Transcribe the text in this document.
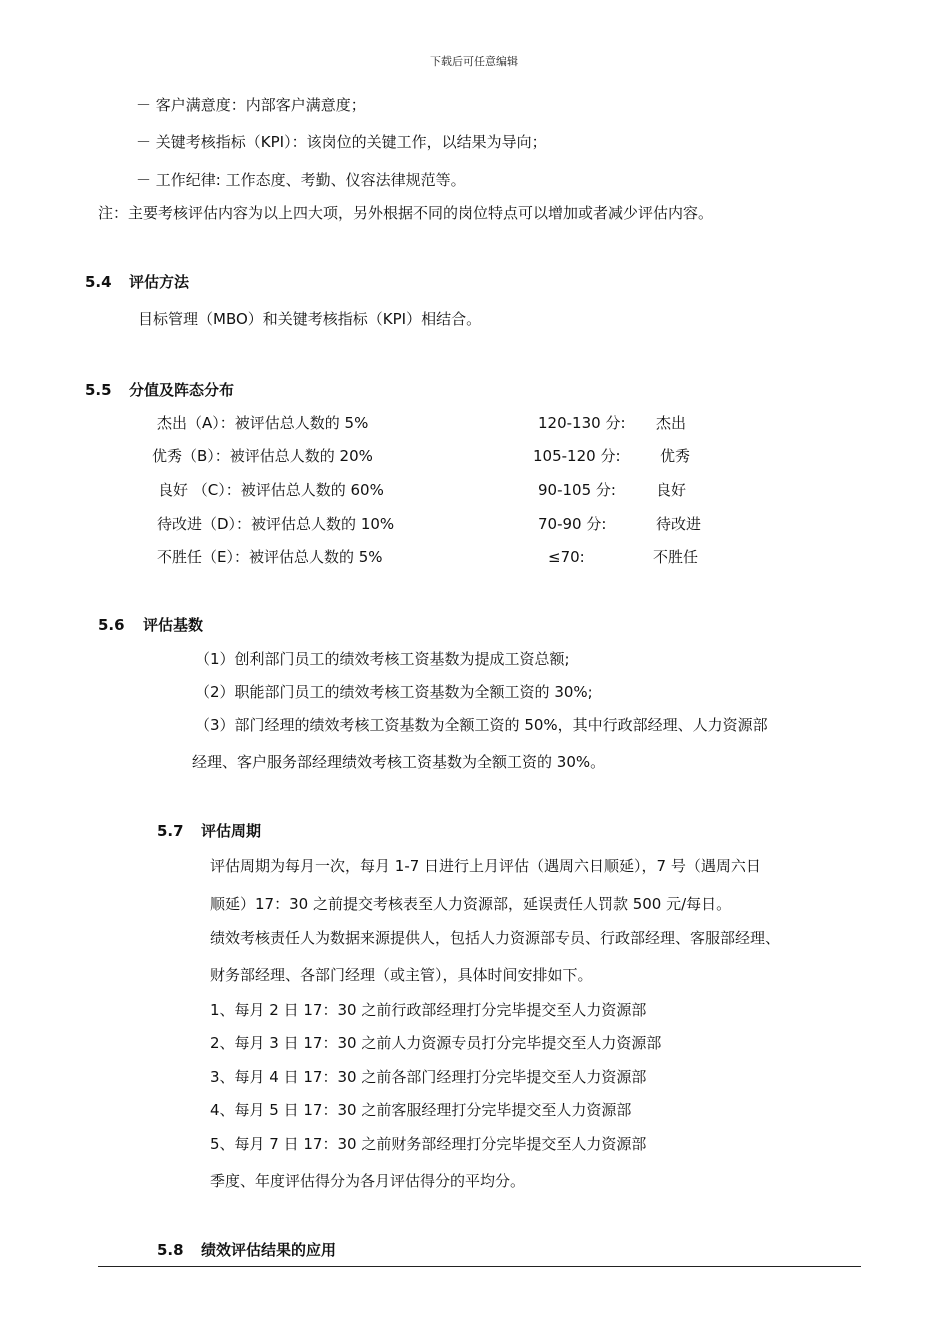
下载后可任意编辑
－ 客户满意度：内部客户满意度；
－ 关键考核指标（KPI）：该岗位的关键工作，以结果为导向；
－ 工作纪律: 工作态度、考勤、仪容法律规范等。
注：主要考核评估内容为以上四大项，另外根据不同的岗位特点可以增加或者减少评估内容。
5.4 评估方法
目标管理（MBO）和关键考核指标（KPI）相结合。
5.5 分值及阵态分布
杰出（A）：被评估总人数的 5%	120-130 分: 杰出
优秀（B）：被评估总人数的 20%	105-120 分:	优秀
良好 （C）：被评估总人数的 60%	90-105 分:	良好
待改进（D）：被评估总人数的 10%	70-90 分:	待改进
不胜任（E）：被评估总人数的 5%	≤70:	不胜任
5.6 评估基数
（1）创利部门员工的绩效考核工资基数为提成工资总额;
（2）职能部门员工的绩效考核工资基数为全额工资的 30%;
（3）部门经理的绩效考核工资基数为全额工资的 50%，其中行政部经理、人力资源部
经理、客户服务部经理绩效考核工资基数为全额工资的 30%。
5.7 评估周期
评估周期为每月一次，每月 1-7 日进行上月评估（遇周六日顺延），7 号（遇周六日
顺延）17：30 之前提交考核表至人力资源部，延误责任人罚款 500 元/每日。
绩效考核责任人为数据来源提供人，包括人力资源部专员、行政部经理、客服部经理、
财务部经理、各部门经理（或主管），具体时间安排如下。
1、每月 2 日 17：30 之前行政部经理打分完毕提交至人力资源部
2、每月 3 日 17：30 之前人力资源专员打分完毕提交至人力资源部
3、每月 4 日 17：30 之前各部门经理打分完毕提交至人力资源部
4、每月 5 日 17：30 之前客服经理打分完毕提交至人力资源部
5、每月 7 日 17：30 之前财务部经理打分完毕提交至人力资源部
季度、年度评估得分为各月评估得分的平均分。
5.8 绩效评估结果的应用
